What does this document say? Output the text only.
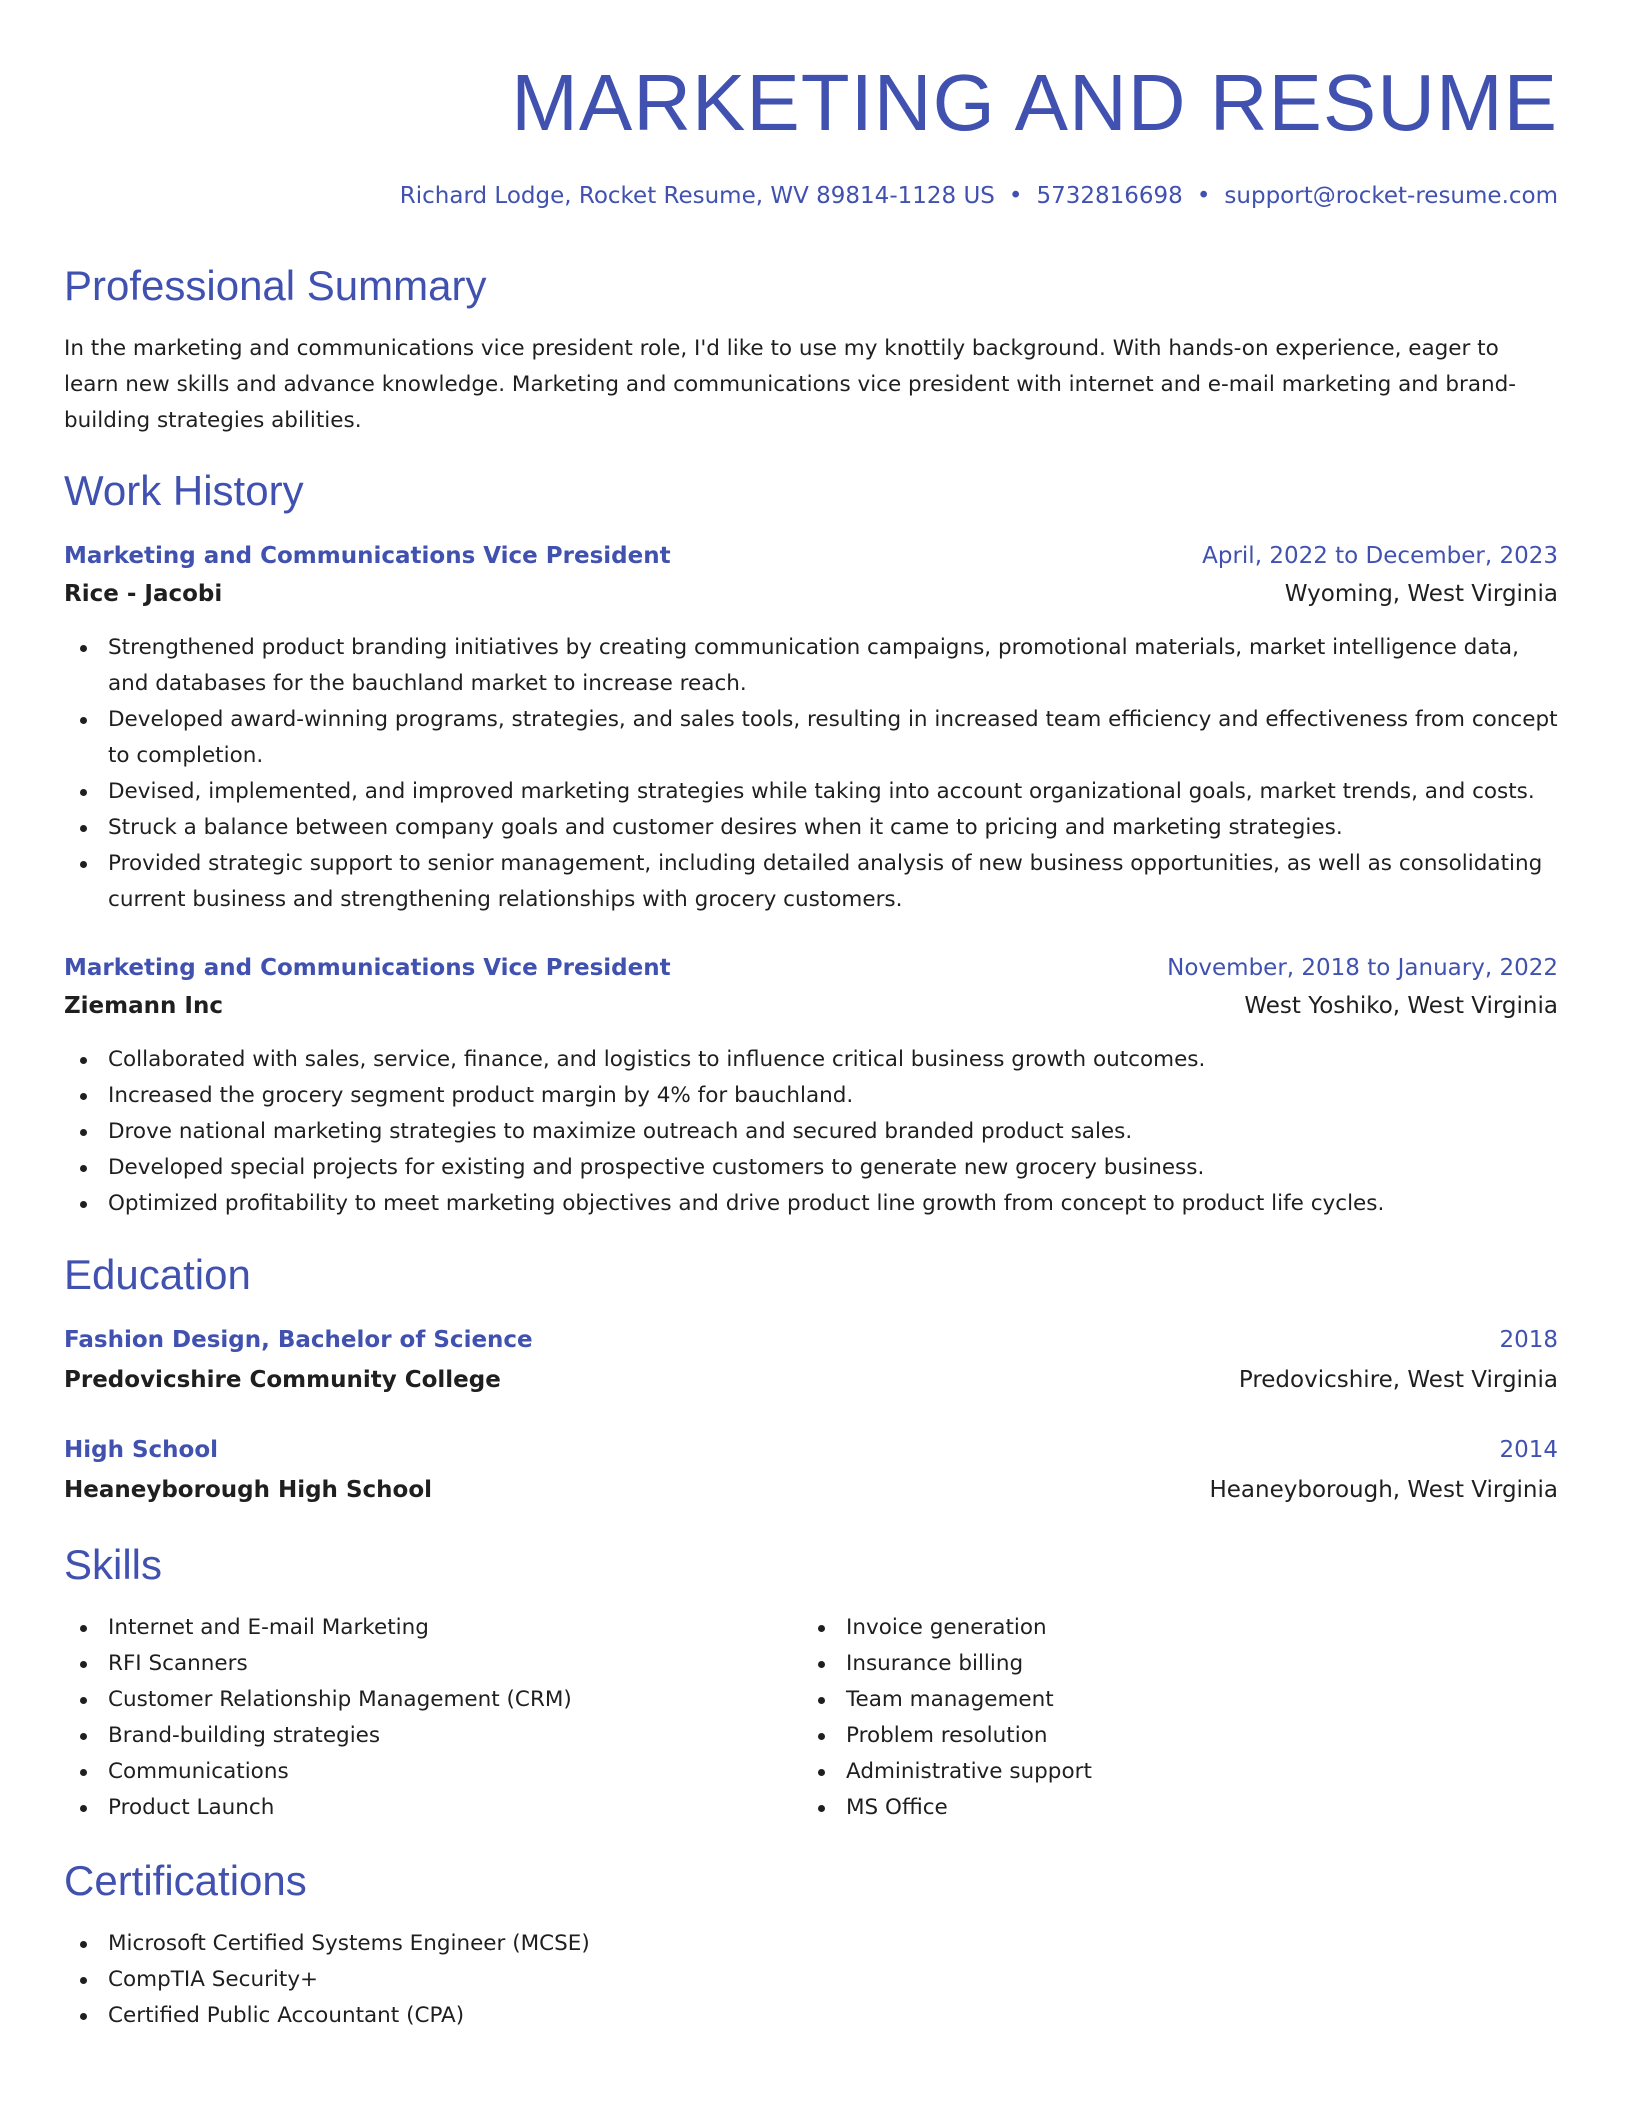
MARKETING AND RESUME
Richard Lodge, Rocket Resume, WV 89814-1128 US • 5732816698 • support@rocket-resume.com
Professional Summary

In the marketing and communications vice president role, I'd like to use my knottily background. With hands-on experience, eager to learn new skills and advance knowledge. Marketing and communications vice president with internet and e-mail marketing and brand-building strategies abilities.

Work History
Marketing and Communications Vice President	April, 2022 to December, 2023
Rice - Jacobi	Wyoming, West Virginia
Strengthened product branding initiatives by creating communication campaigns, promotional materials, market intelligence data, and databases for the bauchland market to increase reach.
Developed award-winning programs, strategies, and sales tools, resulting in increased team efficiency and effectiveness from concept to completion.
Devised, implemented, and improved marketing strategies while taking into account organizational goals, market trends, and costs.
Struck a balance between company goals and customer desires when it came to pricing and marketing strategies.
Provided strategic support to senior management, including detailed analysis of new business opportunities, as well as consolidating current business and strengthening relationships with grocery customers.
Marketing and Communications Vice President	November, 2018 to January, 2022
Ziemann Inc	West Yoshiko, West Virginia
Collaborated with sales, service, finance, and logistics to influence critical business growth outcomes.
Increased the grocery segment product margin by 4% for bauchland.
Drove national marketing strategies to maximize outreach and secured branded product sales.
Developed special projects for existing and prospective customers to generate new grocery business.
Optimized profitability to meet marketing objectives and drive product line growth from concept to product life cycles.
Education
Fashion Design, Bachelor of Science	2018
Predovicshire Community College	Predovicshire, West Virginia
High School	2014
Heaneyborough High School	Heaneyborough, West Virginia
Skills
Internet and E-mail Marketing
RFI Scanners
Customer Relationship Management (CRM)
Brand-building strategies
Communications
Product Launch
Invoice generation
Insurance billing
Team management
Problem resolution
Administrative support
MS Office
Certifications
Microsoft Certified Systems Engineer (MCSE)
CompTIA Security+
Certified Public Accountant (CPA)
